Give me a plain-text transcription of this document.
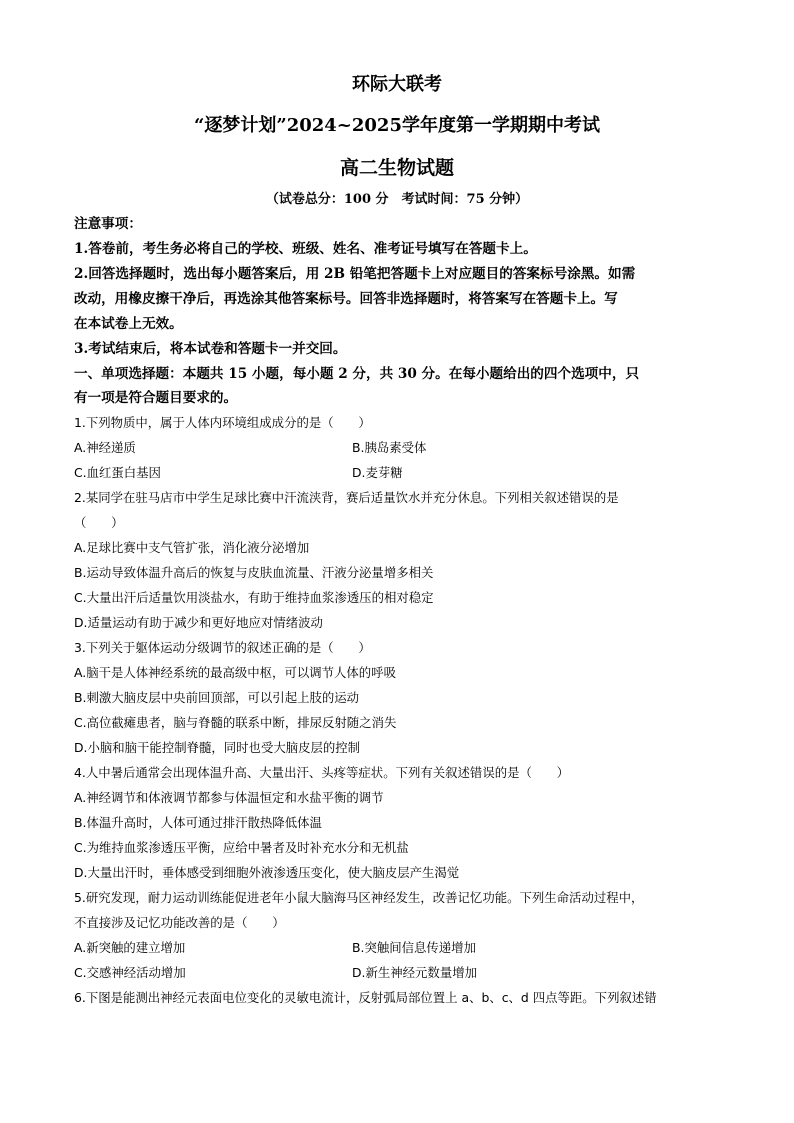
环际大联考
“逐梦计划”2024~2025学年度第一学期期中考试
高二生物试题
（试卷总分：100 分　考试时间：75 分钟）
注意事项：
1.答卷前，考生务必将自己的学校、班级、姓名、准考证号填写在答题卡上。
2.回答选择题时，选出每小题答案后，用 2B 铅笔把答题卡上对应题目的答案标号涂黑。如需
改动，用橡皮擦干净后，再选涂其他答案标号。回答非选择题时，将答案写在答题卡上。写
在本试卷上无效。
3.考试结束后，将本试卷和答题卡一并交回。
一、单项选择题：本题共 15 小题，每小题 2 分，共 30 分。在每小题给出的四个选项中，只
有一项是符合题目要求的。
1.下列物质中，属于人体内环境组成成分的是（　　）
A.神经递质	B.胰岛素受体
C.血红蛋白基因	D.麦芽糖
2.某同学在驻马店市中学生足球比赛中汗流浃背，赛后适量饮水并充分休息。下列相关叙述错误的是
（　　）
A.足球比赛中支气管扩张，消化液分泌增加
B.运动导致体温升高后的恢复与皮肤血流量、汗液分泌量增多相关
C.大量出汗后适量饮用淡盐水，有助于维持血浆渗透压的相对稳定
D.适量运动有助于减少和更好地应对情绪波动
3.下列关于躯体运动分级调节的叙述正确的是（　　）
A.脑干是人体神经系统的最高级中枢，可以调节人体的呼吸
B.刺激大脑皮层中央前回顶部，可以引起上肢的运动
C.高位截瘫患者，脑与脊髓的联系中断，排尿反射随之消失
D.小脑和脑干能控制脊髓，同时也受大脑皮层的控制
4.人中暑后通常会出现体温升高、大量出汗、头疼等症状。下列有关叙述错误的是（　　）
A.神经调节和体液调节都参与体温恒定和水盐平衡的调节
B.体温升高时，人体可通过排汗散热降低体温
C.为维持血浆渗透压平衡，应给中暑者及时补充水分和无机盐
D.大量出汗时，垂体感受到细胞外液渗透压变化，使大脑皮层产生渴觉
5.研究发现，耐力运动训练能促进老年小鼠大脑海马区神经发生，改善记忆功能。下列生命活动过程中，
不直接涉及记忆功能改善的是（　　）
A.新突触的建立增加	B.突触间信息传递增加
C.交感神经活动增加	D.新生神经元数量增加
6.下图是能测出神经元表面电位变化的灵敏电流计，反射弧局部位置上 a、b、c、d 四点等距。下列叙述错
